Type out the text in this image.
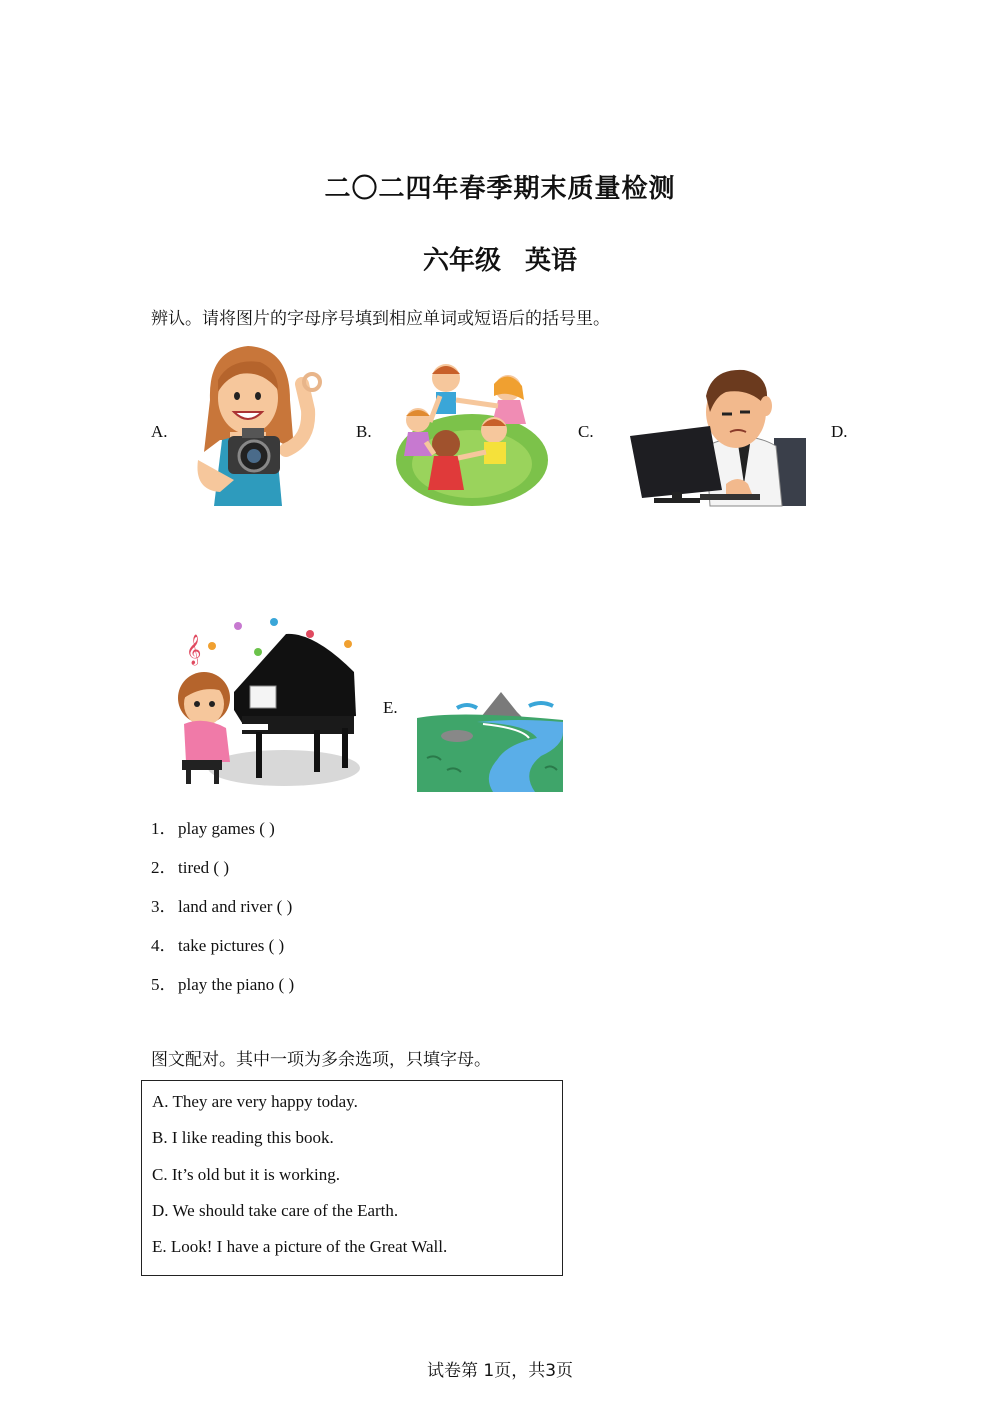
二〇二四年春季期末质量检测
六年级 英语
辨认。请将图片的字母序号填到相应单词或短语后的括号里。
A.	B.	C.	D.
E.
𝄞
1．play games ( )
2．tired ( )
3．land and river ( )
4．take pictures ( )
5．play the piano ( )
图文配对。其中一项为多余选项，只填字母。
A. They are very happy today.
B. I like reading this book.
C. It’s old but it is working.
D. We should take care of the Earth.
E. Look! I have a picture of the Great Wall.
试卷第 1页，共3页
